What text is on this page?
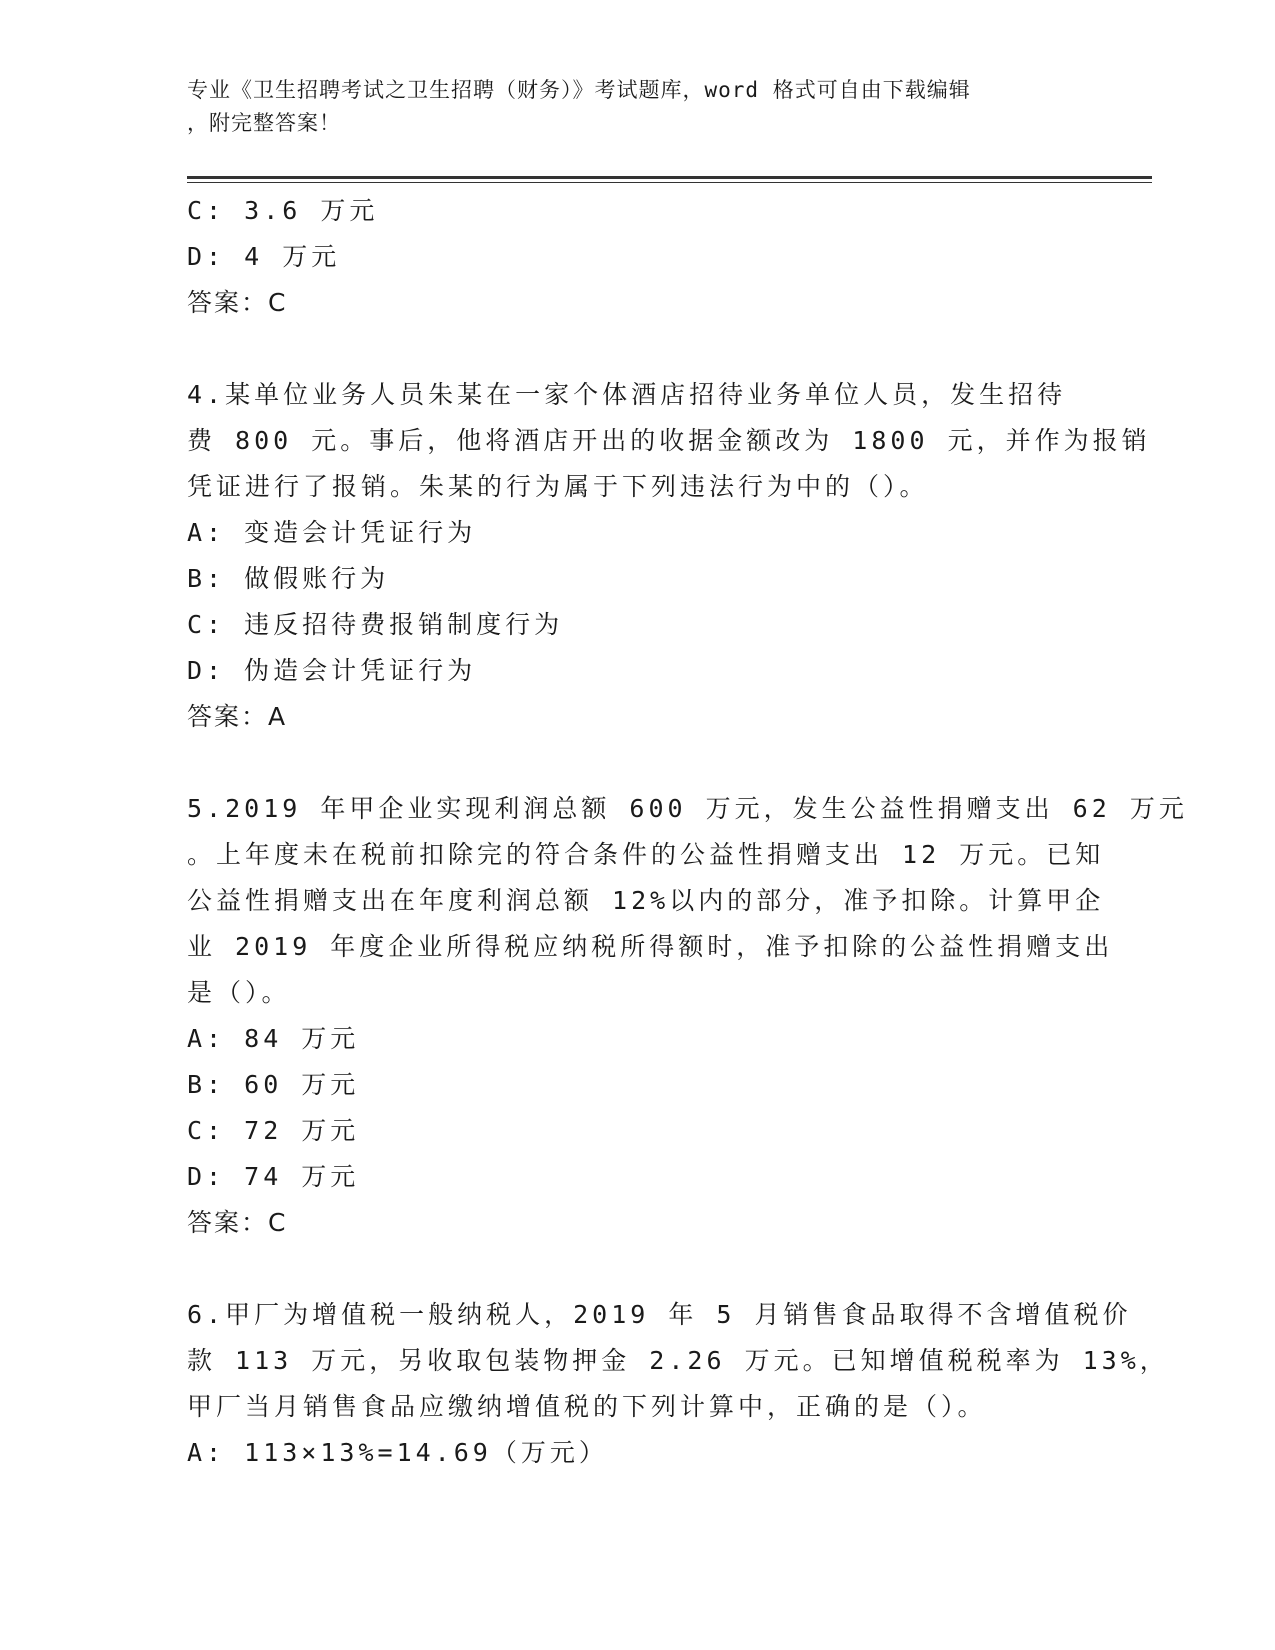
专业《卫生招聘考试之卫生招聘（财务）》考试题库，word 格式可自由下载编辑
，附完整答案！
C: 3.6 万元
D: 4 万元
答案：C
4.某单位业务人员朱某在一家个体酒店招待业务单位人员，发生招待
费 800 元。事后，他将酒店开出的收据金额改为 1800 元，并作为报销
凭证进行了报销。朱某的行为属于下列违法行为中的（）。
A: 变造会计凭证行为
B: 做假账行为
C: 违反招待费报销制度行为
D: 伪造会计凭证行为
答案：A
5.2019 年甲企业实现利润总额 600 万元，发生公益性捐赠支出 62 万元
。上年度未在税前扣除完的符合条件的公益性捐赠支出 12 万元。已知
公益性捐赠支出在年度利润总额 12%以内的部分，准予扣除。计算甲企
业 2019 年度企业所得税应纳税所得额时，准予扣除的公益性捐赠支出
是（）。
A: 84 万元
B: 60 万元
C: 72 万元
D: 74 万元
答案：C
6.甲厂为增值税一般纳税人，2019 年 5 月销售食品取得不含增值税价
款 113 万元，另收取包装物押金 2.26 万元。已知增值税税率为 13%，
甲厂当月销售食品应缴纳增值税的下列计算中，正确的是（）。
A: 113×13%=14.69（万元）
